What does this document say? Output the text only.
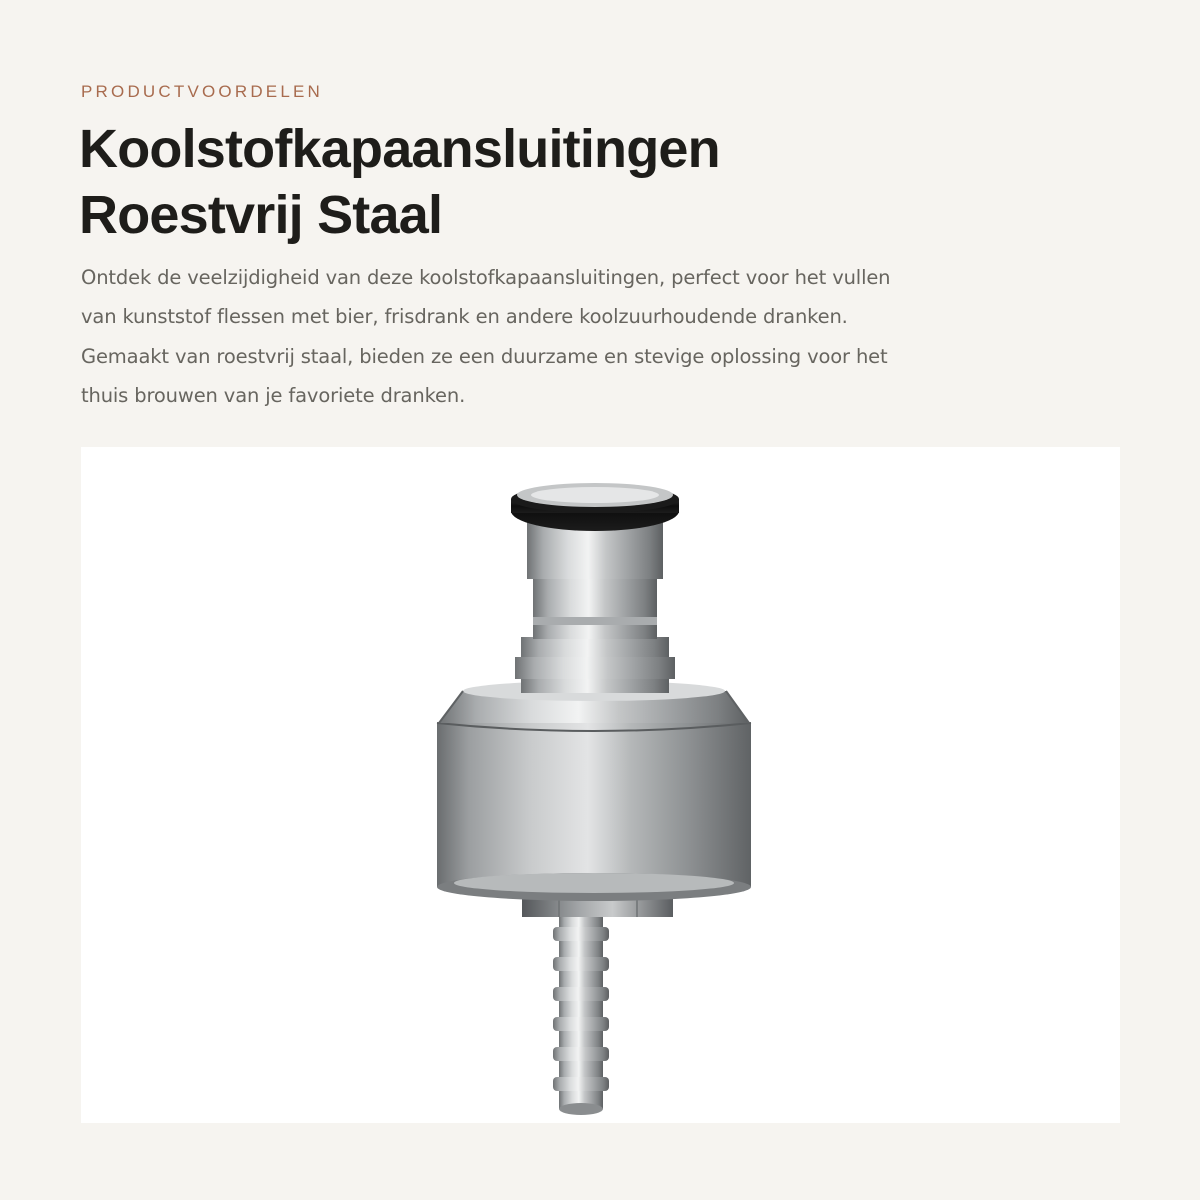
PRODUCTVOORDELEN

Koolstofkapaansluitingen
Roestvrij Staal

Ontdek de veelzijdigheid van deze koolstofkapaansluitingen, perfect voor het vullen
van kunststof flessen met bier, frisdrank en andere koolzuurhoudende dranken.
Gemaakt van roestvrij staal, bieden ze een duurzame en stevige oplossing voor het
thuis brouwen van je favoriete dranken.
